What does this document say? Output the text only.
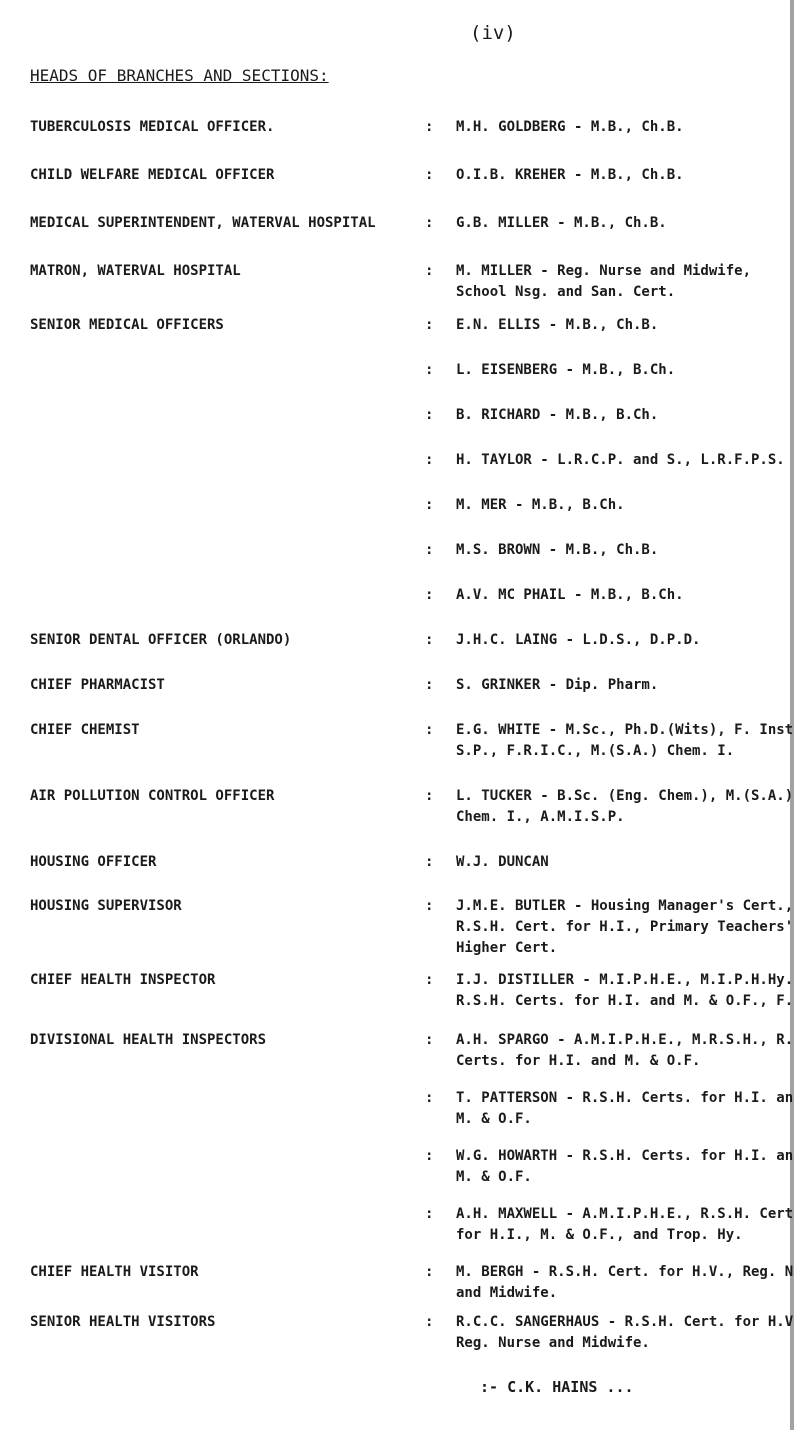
(iv)
HEADS OF BRANCHES AND SECTIONS:
TUBERCULOSIS MEDICAL OFFICER.	: M.H. GOLDBERG - M.B., Ch.B.
CHILD WELFARE MEDICAL OFFICER	: O.I.B. KREHER - M.B., Ch.B.
MEDICAL SUPERINTENDENT, WATERVAL HOSPITAL	: G.B. MILLER - M.B., Ch.B.
MATRON, WATERVAL HOSPITAL	: M. MILLER - Reg. Nurse and Midwife,
School Nsg. and San. Cert.
SENIOR MEDICAL OFFICERS	: E.N. ELLIS - M.B., Ch.B.
: L. EISENBERG - M.B., B.Ch.
: B. RICHARD - M.B., B.Ch.
: H. TAYLOR - L.R.C.P. and S., L.R.F.P.S.
: M. MER - M.B., B.Ch.
: M.S. BROWN - M.B., Ch.B.
: A.V. MC PHAIL - M.B., B.Ch.
SENIOR DENTAL OFFICER (ORLANDO)	: J.H.C. LAING - L.D.S., D.P.D.
CHIEF PHARMACIST	: S. GRINKER - Dip. Pharm.
CHIEF CHEMIST	: E.G. WHITE - M.Sc., Ph.D.(Wits), F. Inst
S.P., F.R.I.C., M.(S.A.) Chem. I.
AIR POLLUTION CONTROL OFFICER	: L. TUCKER - B.Sc. (Eng. Chem.), M.(S.A.)
Chem. I., A.M.I.S.P.
HOUSING OFFICER	: W.J. DUNCAN
HOUSING SUPERVISOR	: J.M.E. BUTLER - Housing Manager's Cert.,
R.S.H. Cert. for H.I., Primary Teachers'
Higher Cert.
CHIEF HEALTH INSPECTOR	: I.J. DISTILLER - M.I.P.H.E., M.I.P.H.Hy.
R.S.H. Certs. for H.I. and M. & O.F., F.
DIVISIONAL HEALTH INSPECTORS	: A.H. SPARGO - A.M.I.P.H.E., M.R.S.H., R.
Certs. for H.I. and M. & O.F.
: T. PATTERSON - R.S.H. Certs. for H.I. an
M. & O.F.
: W.G. HOWARTH - R.S.H. Certs. for H.I. an
M. & O.F.
: A.H. MAXWELL - A.M.I.P.H.E., R.S.H. Cert
for H.I., M. & O.F., and Trop. Hy.
CHIEF HEALTH VISITOR	: M. BERGH - R.S.H. Cert. for H.V., Reg. N
and Midwife.
SENIOR HEALTH VISITORS	: R.C.C. SANGERHAUS - R.S.H. Cert. for H.V
Reg. Nurse and Midwife.
:- C.K. HAINS ...
